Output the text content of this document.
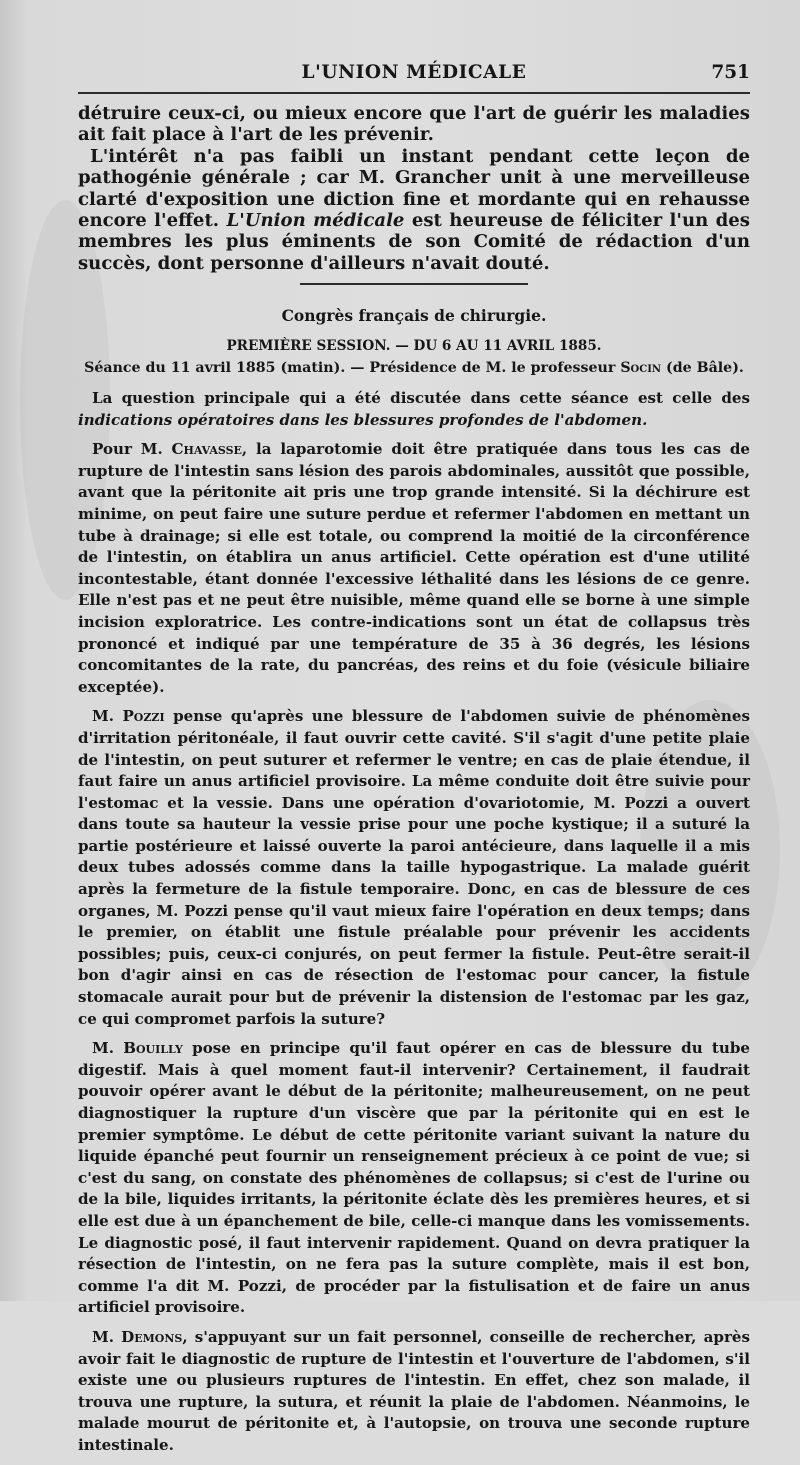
L'UNION MÉDICALE	751

détruire ceux-ci, ou mieux encore que l'art de guérir les maladies ait fait place à l'art de les prévenir.

L'intérêt n'a pas faibli un instant pendant cette leçon de pathogénie générale ; car M. Grancher unit à une merveilleuse clarté d'exposition une diction fine et mordante qui en rehausse encore l'effet. L'Union médicale est heureuse de féliciter l'un des membres les plus éminents de son Comité de rédaction d'un succès, dont personne d'ailleurs n'avait douté.

Congrès français de chirurgie.
PREMIÈRE SESSION. — DU 6 AU 11 AVRIL 1885.
Séance du 11 avril 1885 (matin). — Présidence de M. le professeur Socin (de Bâle).

La question principale qui a été discutée dans cette séance est celle des indications opératoires dans les blessures profondes de l'abdomen.

Pour M. Chavasse, la laparotomie doit être pratiquée dans tous les cas de rupture de l'intestin sans lésion des parois abdominales, aussitôt que possible, avant que la péritonite ait pris une trop grande intensité. Si la déchirure est minime, on peut faire une suture perdue et refermer l'abdomen en mettant un tube à drainage; si elle est totale, ou comprend la moitié de la circonférence de l'intestin, on établira un anus artificiel. Cette opération est d'une utilité incontestable, étant donnée l'excessive léthalité dans les lésions de ce genre. Elle n'est pas et ne peut être nuisible, même quand elle se borne à une simple incision exploratrice. Les contre-indications sont un état de collapsus très prononcé et indiqué par une température de 35 à 36 degrés, les lésions concomitantes de la rate, du pancréas, des reins et du foie (vésicule biliaire exceptée).

M. Pozzi pense qu'après une blessure de l'abdomen suivie de phénomènes d'irritation péritonéale, il faut ouvrir cette cavité. S'il s'agit d'une petite plaie de l'intestin, on peut suturer et refermer le ventre; en cas de plaie étendue, il faut faire un anus artificiel provisoire. La même conduite doit être suivie pour l'estomac et la vessie. Dans une opération d'ovariotomie, M. Pozzi a ouvert dans toute sa hauteur la vessie prise pour une poche kystique; il a suturé la partie postérieure et laissé ouverte la paroi antécieure, dans laquelle il a mis deux tubes adossés comme dans la taille hypogastrique. La malade guérit après la fermeture de la fistule temporaire. Donc, en cas de blessure de ces organes, M. Pozzi pense qu'il vaut mieux faire l'opération en deux temps; dans le premier, on établit une fistule préalable pour prévenir les accidents possibles; puis, ceux-ci conjurés, on peut fermer la fistule. Peut-être serait-il bon d'agir ainsi en cas de résection de l'estomac pour cancer, la fistule stomacale aurait pour but de prévenir la distension de l'estomac par les gaz, ce qui compromet parfois la suture?

M. Bouilly pose en principe qu'il faut opérer en cas de blessure du tube digestif. Mais à quel moment faut-il intervenir? Certainement, il faudrait pouvoir opérer avant le début de la péritonite; malheureusement, on ne peut diagnostiquer la rupture d'un viscère que par la péritonite qui en est le premier symptôme. Le début de cette péritonite variant suivant la nature du liquide épanché peut fournir un renseignement précieux à ce point de vue; si c'est du sang, on constate des phénomènes de collapsus; si c'est de l'urine ou de la bile, liquides irritants, la péritonite éclate dès les premières heures, et si elle est due à un épanchement de bile, celle-ci manque dans les vomissements. Le diagnostic posé, il faut intervenir rapidement. Quand on devra pratiquer la résection de l'intestin, on ne fera pas la suture complète, mais il est bon, comme l'a dit M. Pozzi, de procéder par la fistulisation et de faire un anus artificiel provisoire.

M. Demons, s'appuyant sur un fait personnel, conseille de rechercher, après avoir fait le diagnostic de rupture de l'intestin et l'ouverture de l'abdomen, s'il existe une ou plusieurs ruptures de l'intestin. En effet, chez son malade, il trouva une rupture, la sutura, et réunit la plaie de l'abdomen. Néanmoins, le malade mourut de péritonite et, à l'autopsie, on trouva une seconde rupture intestinale.
